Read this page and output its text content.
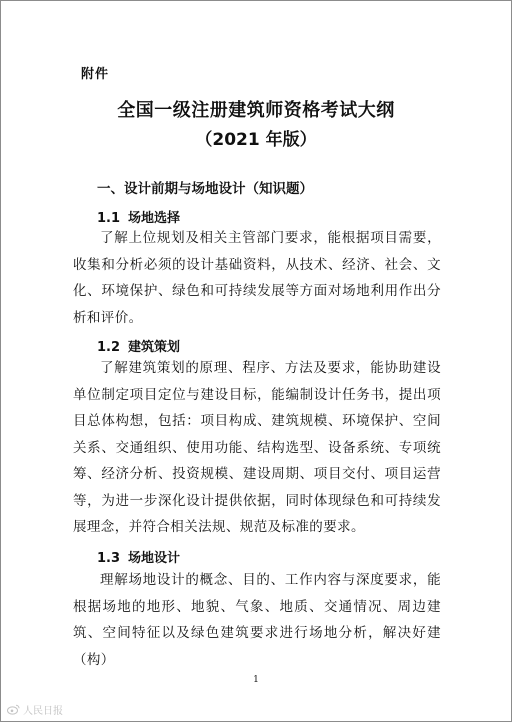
附件
全国一级注册建筑师资格考试大纲
（2021 年版）
一、设计前期与场地设计（知识题）
1.1 场地选择

了解上位规划及相关主管部门要求，能根据项目需要，收集和分析必须的设计基础资料，从技术、经济、社会、文化、环境保护、绿色和可持续发展等方面对场地利用作出分析和评价。

1.2 建筑策划

了解建筑策划的原理、程序、方法及要求，能协助建设单位制定项目定位与建设目标，能编制设计任务书，提出项目总体构想，包括：项目构成、建筑规模、环境保护、空间关系、交通组织、使用功能、结构选型、设备系统、专项统筹、经济分析、投资规模、建设周期、项目交付、项目运营等，为进一步深化设计提供依据，同时体现绿色和可持续发展理念，并符合相关法规、规范及标准的要求。

1.3 场地设计

理解场地设计的概念、目的、工作内容与深度要求，能根据场地的地形、地貌、气象、地质、交通情况、周边建筑、空间特征以及绿色建筑要求进行场地分析，解决好建（构）

1
人民日报
